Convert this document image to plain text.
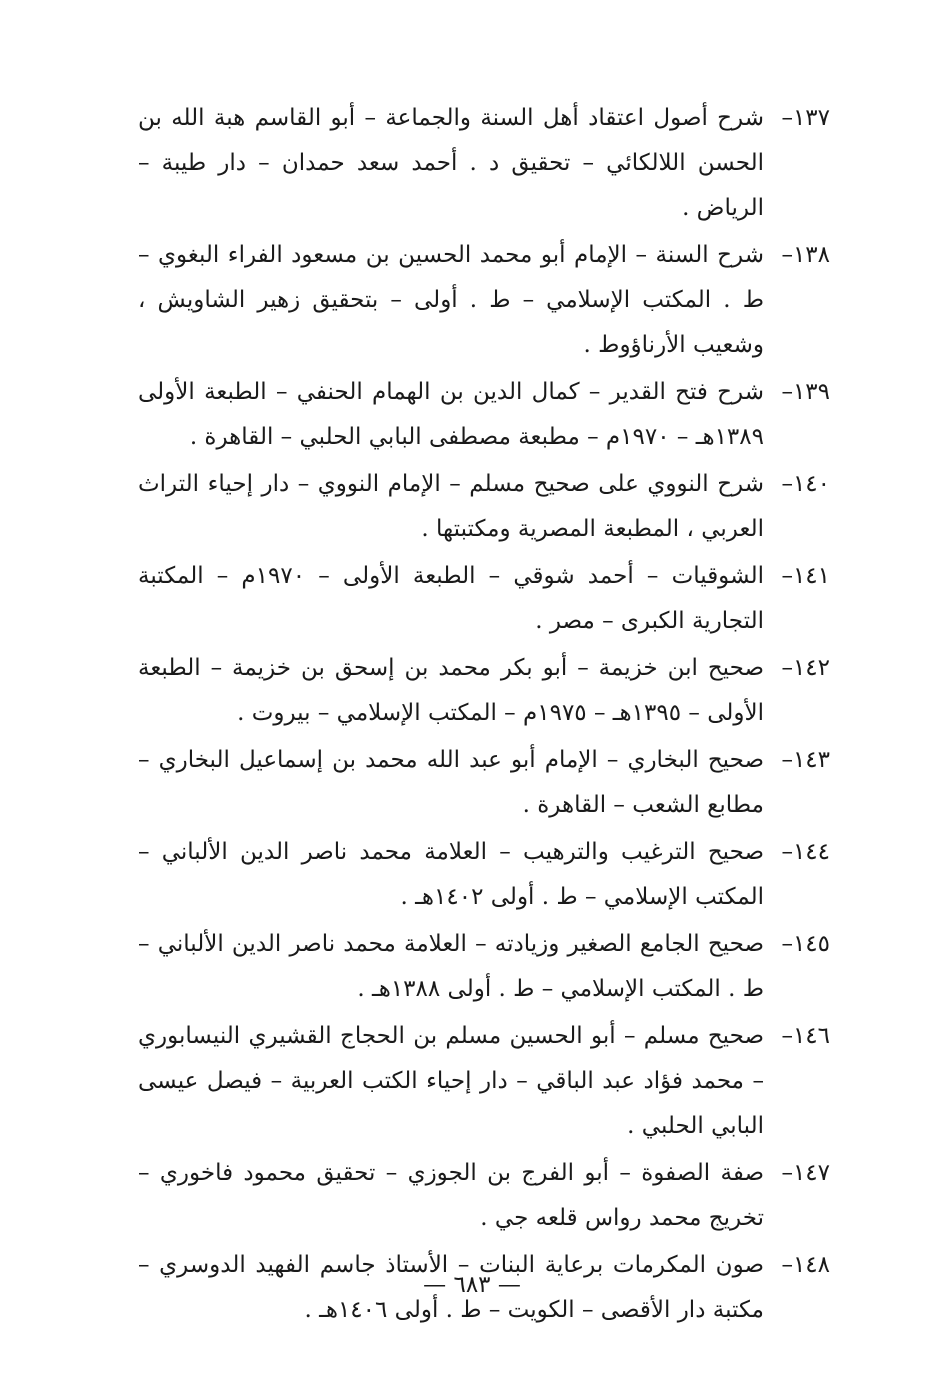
١٣٧–
شرح أصول اعتقاد أهل السنة والجماعة – أبو القاسم هبة الله بن الحسن اللالكائي – تحقيق د . أحمد سعد حمدان – دار طيبة – الرياض .
١٣٨–
شرح السنة – الإمام أبو محمد الحسين بن مسعود الفراء البغوي – ط . المكتب الإسلامي – ط . أولى – بتحقيق زهير الشاويش ، وشعيب الأرناؤوط .
١٣٩–
شرح فتح القدير – كمال الدين بن الهمام الحنفي – الطبعة الأولى ١٣٨٩هـ – ١٩٧٠م – مطبعة مصطفى البابي الحلبي – القاهرة .
١٤٠–
شرح النووي على صحيح مسلم – الإمام النووي – دار إحياء التراث العربي ، المطبعة المصرية ومكتبتها .
١٤١–
الشوقيات – أحمد شوقي – الطبعة الأولى – ١٩٧٠م – المكتبة التجارية الكبرى – مصر .
١٤٢–
صحيح ابن خزيمة – أبو بكر محمد بن إسحق بن خزيمة – الطبعة الأولى – ١٣٩٥هـ – ١٩٧٥م – المكتب الإسلامي – بيروت .
١٤٣–
صحيح البخاري – الإمام أبو عبد الله محمد بن إسماعيل البخاري – مطابع الشعب – القاهرة .
١٤٤–
صحيح الترغيب والترهيب – العلامة محمد ناصر الدين الألباني – المكتب الإسلامي – ط . أولى ١٤٠٢هـ .
١٤٥–
صحيح الجامع الصغير وزيادته – العلامة محمد ناصر الدين الألباني – ط . المكتب الإسلامي – ط . أولى ١٣٨٨هـ .
١٤٦–
صحيح مسلم – أبو الحسين مسلم بن الحجاج القشيري النيسابوري – محمد فؤاد عبد الباقي – دار إحياء الكتب العربية – فيصل عيسى البابي الحلبي .
١٤٧–
صفة الصفوة – أبو الفرج بن الجوزي – تحقيق محمود فاخوري – تخريج محمد رواس قلعه جي .
١٤٨–
صون المكرمات برعاية البنات – الأستاذ جاسم الفهيد الدوسري – مكتبة دار الأقصى – الكويت – ط . أولى ١٤٠٦هـ .
— ٦٨٣ —
